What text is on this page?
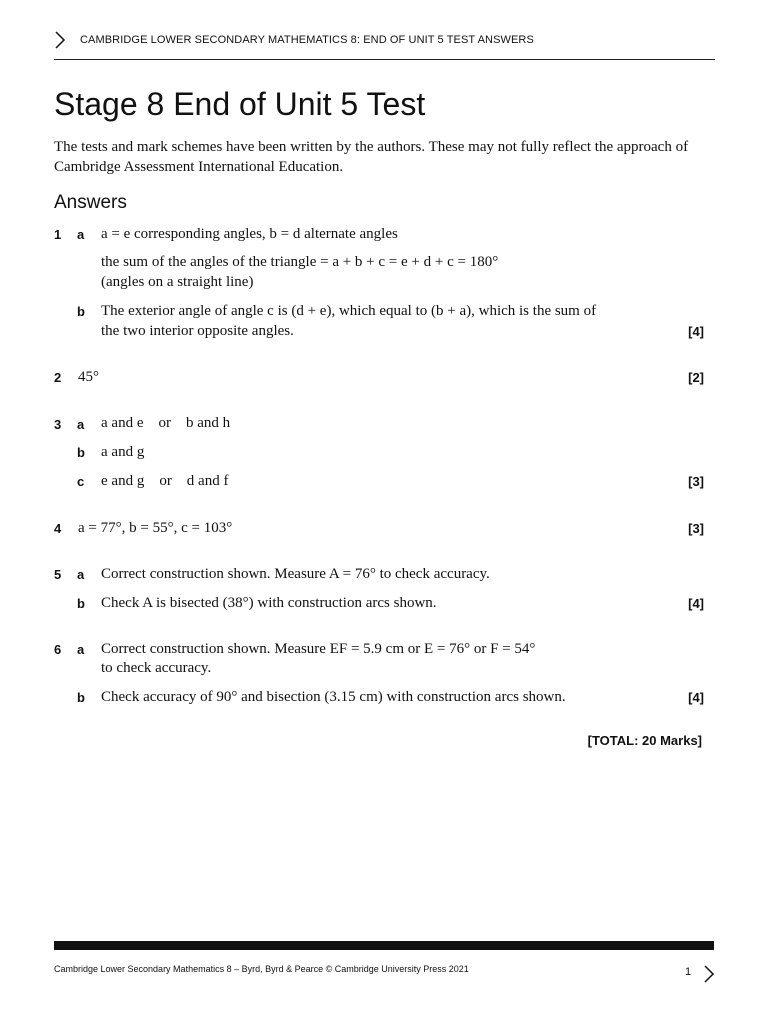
CAMBRIDGE LOWER SECONDARY MATHEMATICS 8: END OF UNIT 5 TEST ANSWERS
Stage 8 End of Unit 5 Test
The tests and mark schemes have been written by the authors. These may not fully reflect the approach of Cambridge Assessment International Education.
Answers
1 a a = e corresponding angles, b = d alternate angles
the sum of the angles of the triangle = a + b + c = e + d + c = 180°
(angles on a straight line)
b The exterior angle of angle c is (d + e), which equal to (b + a), which is the sum of
the two interior opposite angles.	[4]
2 45°	[2]
3 a a and e    or    b and h
b a and g
c e and g    or    d and f	[3]
4 a = 77°, b = 55°, c = 103°	[3]
5 a Correct construction shown. Measure A = 76° to check accuracy.
b Check A is bisected (38°) with construction arcs shown.	[4]
6 a Correct construction shown. Measure EF = 5.9 cm or E = 76° or F = 54°
to check accuracy.
b Check accuracy of 90° and bisection (3.15 cm) with construction arcs shown.	[4]
[TOTAL: 20 Marks]
Cambridge Lower Secondary Mathematics 8 – Byrd, Byrd & Pearce © Cambridge University Press 2021	1
